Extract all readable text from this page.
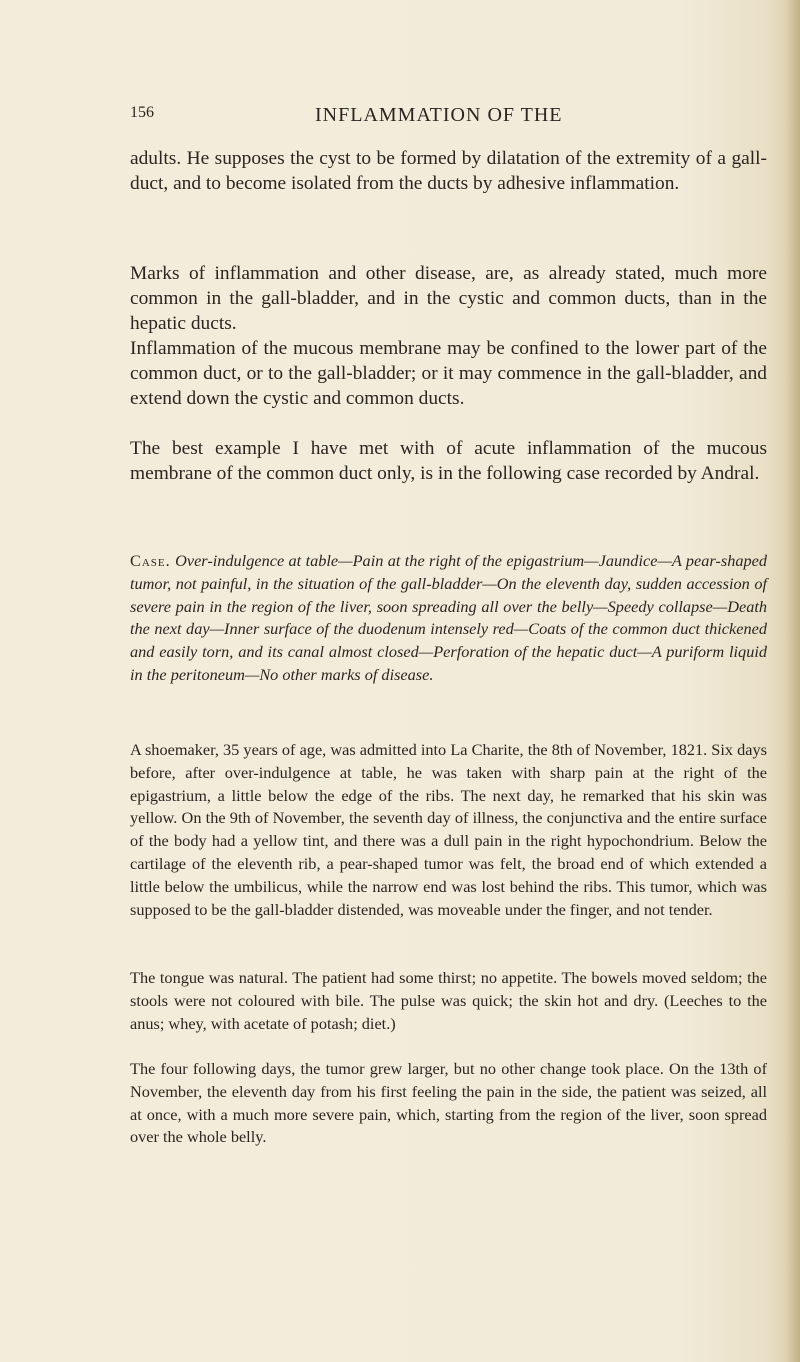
156	INFLAMMATION OF THE

adults. He supposes the cyst to be formed by dilatation of the extremity of a gall-duct, and to become isolated from the ducts by adhesive inflammation.

Marks of inflammation and other disease, are, as already stated, much more common in the gall-bladder, and in the cystic and common ducts, than in the hepatic ducts.

Inflammation of the mucous membrane may be confined to the lower part of the common duct, or to the gall-bladder; or it may commence in the gall-bladder, and extend down the cystic and common ducts.

The best example I have met with of acute inflammation of the mucous membrane of the common duct only, is in the following case recorded by Andral.

Case. Over-indulgence at table—Pain at the right of the epigastrium—Jaundice—A pear-shaped tumor, not painful, in the situation of the gall-bladder—On the eleventh day, sudden accession of severe pain in the region of the liver, soon spreading all over the belly—Speedy collapse—Death the next day—Inner surface of the duodenum intensely red—Coats of the common duct thickened and easily torn, and its canal almost closed—Perforation of the hepatic duct—A puriform liquid in the peritoneum—No other marks of disease.

A shoemaker, 35 years of age, was admitted into La Charite, the 8th of November, 1821. Six days before, after over-indulgence at table, he was taken with sharp pain at the right of the epigastrium, a little below the edge of the ribs. The next day, he remarked that his skin was yellow. On the 9th of November, the seventh day of illness, the conjunctiva and the entire surface of the body had a yellow tint, and there was a dull pain in the right hypochondrium. Below the cartilage of the eleventh rib, a pear-shaped tumor was felt, the broad end of which extended a little below the umbilicus, while the narrow end was lost behind the ribs. This tumor, which was supposed to be the gall-bladder distended, was moveable under the finger, and not tender.

The tongue was natural. The patient had some thirst; no appetite. The bowels moved seldom; the stools were not coloured with bile. The pulse was quick; the skin hot and dry. (Leeches to the anus; whey, with acetate of potash; diet.)

The four following days, the tumor grew larger, but no other change took place. On the 13th of November, the eleventh day from his first feeling the pain in the side, the patient was seized, all at once, with a much more severe pain, which, starting from the region of the liver, soon spread over the whole belly.
